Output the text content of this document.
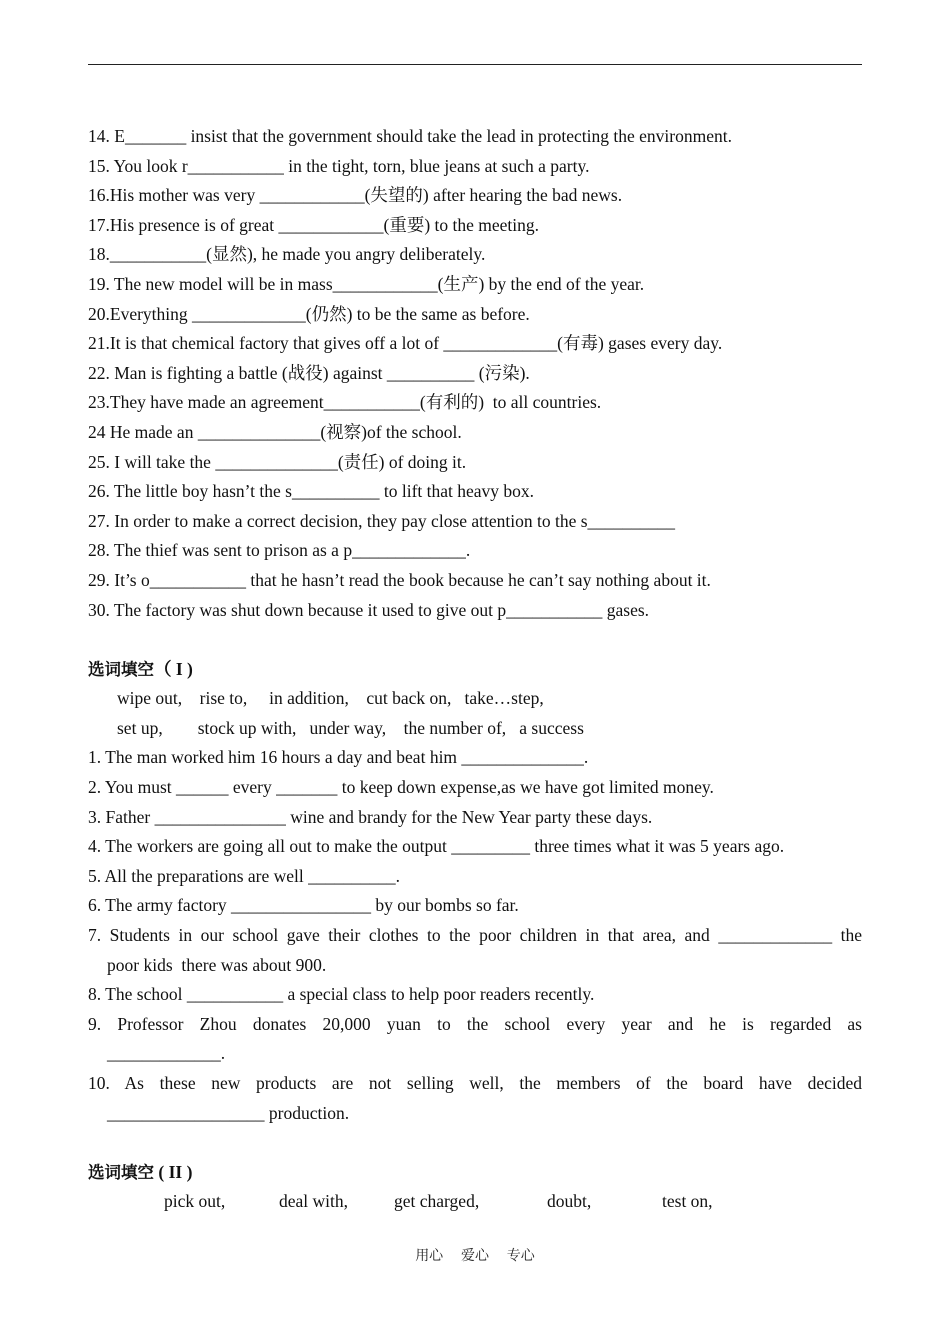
14. E_______ insist that the government should take the lead in protecting the environment.
15. You look r___________ in the tight, torn, blue jeans at such a party.
16.His mother was very ____________(失望的) after hearing the bad news.
17.His presence is of great ____________(重要) to the meeting.
18.___________(显然), he made you angry deliberately.
19. The new model will be in mass____________(生产) by the end of the year.
20.Everything _____________(仍然) to be the same as before.
21.It is that chemical factory that gives off a lot of _____________(有毒) gases every day.
22. Man is fighting a battle (战役) against __________ (污染).
23.They have made an agreement___________(有利的)  to all countries.
24 He made an ______________(视察)of the school.
25. I will take the ______________(责任) of doing it.
26. The little boy hasn’t the s__________ to lift that heavy box.
27. In order to make a correct decision, they pay close attention to the s__________
28. The thief was sent to prison as a p_____________.
29. It’s o___________ that he hasn’t read the book because he can’t say nothing about it.
30. The factory was shut down because it used to give out p___________ gases.
选词填空（ I )
wipe out,    rise to,     in addition,    cut back on,   take…step,
set up,        stock up with,   under way,    the number of,   a success
1. The man worked him 16 hours a day and beat him ______________.
2. You must ______ every _______ to keep down expense,as we have got limited money.
3. Father _______________ wine and brandy for the New Year party these days.
4. The workers are going all out to make the output _________ three times what it was 5 years ago.
5. All the preparations are well __________.
6. The army factory ________________ by our bombs so far.
7. Students in our school gave their clothes to the poor children in that area, and _____________ the
poor kids  there was about 900.
8. The school ___________ a special class to help poor readers recently.
9. Professor Zhou donates 20,000 yuan to the school every year and he is regarded as
_____________.
10. As these new products are not selling well, the members of the board have decided
__________________ production.
选词填空 ( II )
pick out,	deal with,	get charged,	doubt,	test on,
用心    爱心    专心
